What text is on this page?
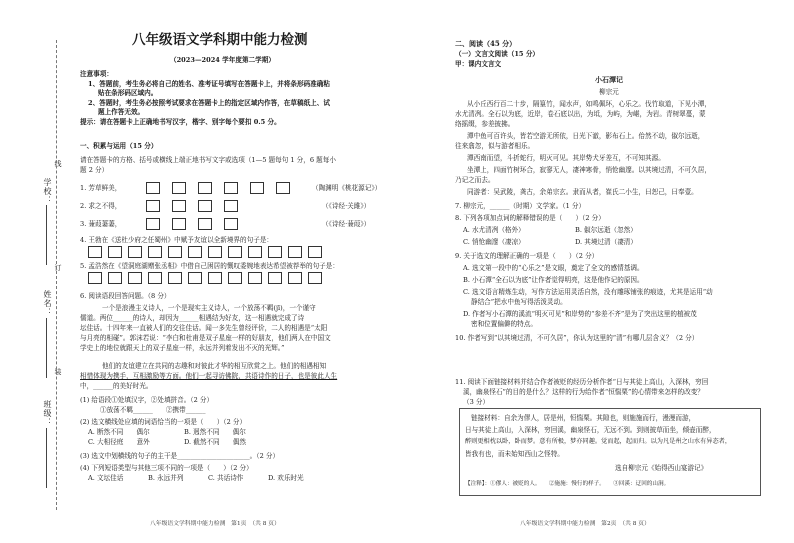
学校：
姓名：
班级：
线
订
装
八年级语文学科期中能力检测
（2023—2024 学年度第二学期）
注意事项：
1、答题前，考生务必将自己的姓名、准考证号填写在答题卡上，并将条形码准确粘
贴在条形码区域内。
2、答题时，考生务必按照考试要求在答题卡上的指定区域内作答，在草稿纸上、试
题上作答无效。
提示：请在答题卡上正确地书写汉字，楷字、别字每个要扣 0.5 分。
一、积累与运用（15 分）
请在答题卡的方格、括号或横线上端正地书写文字或选项（1—5 题每句 1 分，6 题每小
题 2 分）
1. 芳草鲜美，	（陶渊明《桃花源记》）
2. 求之不得，	（《诗经·关雎》）
3. 蒹葭萋萋，	（《诗经·蒹葭》）
4. 王勃在《送杜少府之任蜀州》中赋予友谊以全新境界的句子是：
5. 孟浩然在《望洞庭湖赠张丞相》中借自己困居的慨叹委婉地表达希望被荐举的句子是：
6. 阅读语段回答问题。（8 分）
一个是浪漫主义诗人，一个是现实主义诗人，一个放荡不羁(jī)，一个谨守
儒道。两位______的诗人，却因为______相遇结为好友，这一相遇就完成了诗
坛佳话。十四年来一直被人们的交往佳话。闻一多先生曾经评价，二人的相遇是“太阳
与月亮的相碰”。郭沫若说：“李白和杜甫是双子星座一样的好朋友，他们两人在中国文
学史上的地位就跟天上的双子星座一样，永远并列着发出不灭的光辉。”
他们的友谊建立在共同的志趣和对彼此才华的相互欣赏之上。他们的相遇相知
相惜体现为携手，互相激励等方面。他们一起寻访佛院，共语诗作的日子，也是彼此人生
中，______的美好时光。
(1) 给语段①处填汉字，②处填拼音。（2 分）
①放荡不羁______　　②携带______
(2) 选文横线处应填的词语恰当的一项是（　　）（2 分）
A. 断然不同　　偶尔	B. 迥然不同　　偶尔
C. 大相径庭　　意外	D. 截然不同　　偶然
(3) 选文中划横线的句子的主干是______________________。（2 分）
(4) 下列短语类型与其他三项不同的一项是（　　）（2 分）
A. 文坛佳话	B. 永远并列	C. 共话诗作	D. 欢乐时光
八年级语文学科期中能力检测　第1页　（共 8 页）
二、阅读（45 分）
（一）文言文阅读（15 分）
甲：课内文言文
小石潭记
柳宗元
从小丘西行百二十步，隔篁竹，闻水声，如鸣佩环，心乐之。伐竹取道，下见小潭，
水尤清冽。全石以为底，近岸，卷石底以出，为坻，为屿，为嵁，为岩。青树翠蔓，蒙
络摇缀，参差披拂。
潭中鱼可百许头，皆若空游无所依，日光下澈，影布石上。佁然不动，俶尔远逝，
往来翕忽，似与游者相乐。
潭西南而望，斗折蛇行，明灭可见。其岸势犬牙差互，不可知其源。
坐潭上，四面竹树环合，寂寥无人，凄神寒骨，悄怆幽邃。以其境过清，不可久居，
乃记之而去。
同游者：吴武陵，龚古，余弟宗玄。隶而从者，崔氏二小生，曰恕己，曰奉壹。
7. 柳宗元，______（时期）文学家。（1 分）
8. 下列各项加点词的解释错误的是（　　）（2 分）
A. 水尤清冽（格外）	B. 俶尔远逝（忽然）
C. 悄怆幽邃（凄凉）	D. 其境过清（凄清）
9. 关于选文的理解正确的一项是（　　）（2 分）
A. 选文第一段中的“心乐之”是文眼，奠定了全文的感情基调。
B. 小石潭“全石以为底”让作者觉得明亮，这是他作记的原因。
C. 选文语言精炼生动，写作方法运用灵活自然，没有雕琢铺张的痕迹，尤其是运用“动
静结合”把水中鱼写得活泼灵动。
D. 作者写小石潭的溪流“明灭可见”和岸势的“参差不齐”是为了突出这里的植被茂
密和位置偏僻的特点。
10. 作者写到“以其境过清，不可久居”，你认为这里的“清”有哪几层含义？（2 分）
11. 阅读下面链接材料并结合作者被贬的经历分析作者“日与其徒上高山，入深林，穷回
溪，幽泉怪石”的目的是什么？这样的行为给作者“恒惴栗”的心情带来怎样的改变？
（3 分）
链接材料：自余为僇人，居是州，恒惴栗。其隙也，则施施而行，漫漫而游，
日与其徒上高山，入深林，穷回溪，幽泉怪石，无远不到。到则披草而坐，倾壶而醉，
醉则更相枕以卧，卧而梦。意有所极，梦亦同趣。觉而起，起而归。以为凡是州之山水有异态者，
皆我有也，而未始知西山之怪特。
选自柳宗元《始得西山宴游记》
【注释】：①僇人：被贬的人。　　②施施：慢行的样子。　　③回溪：迂回的山涧。
八年级语文学科期中能力检测　第2页　（共 8 页）
